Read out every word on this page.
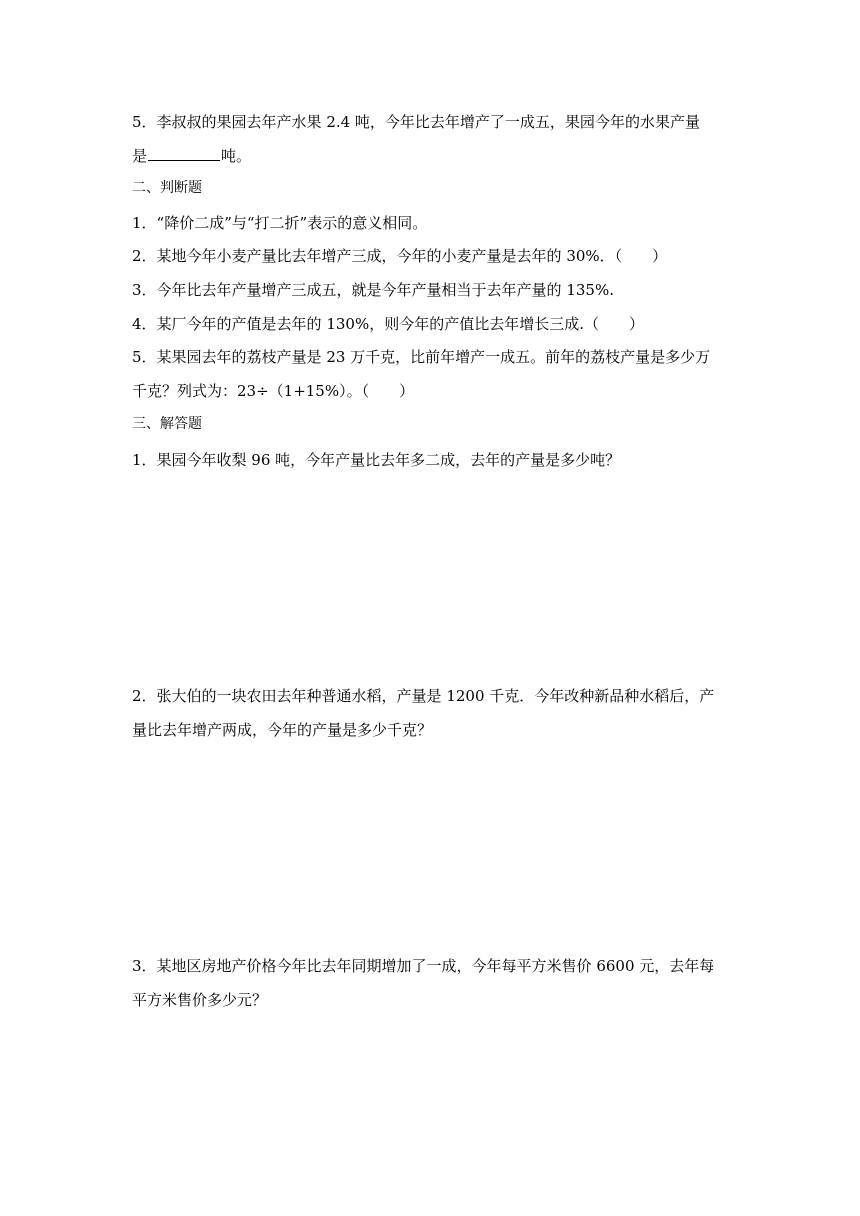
5．李叔叔的果园去年产水果 2.4 吨，今年比去年增产了一成五，果园今年的水果产量
是	吨。
二、判断题
1．“降价二成”与“打二折”表示的意义相同。
2．某地今年小麦产量比去年增产三成，今年的小麦产量是去年的 30%．（　　）
3．今年比去年产量增产三成五，就是今年产量相当于去年产量的 135%.
4．某厂今年的产值是去年的 130%，则今年的产值比去年增长三成.（　　）
5．某果园去年的荔枝产量是 23 万千克，比前年增产一成五。前年的荔枝产量是多少万
千克？列式为：23÷（1+15%）。（　　）
三、解答题
1．果园今年收梨 96 吨，今年产量比去年多二成，去年的产量是多少吨？
2．张大伯的一块农田去年种普通水稻，产量是 1200 千克．今年改种新品种水稻后，产
量比去年增产两成，今年的产量是多少千克？
3．某地区房地产价格今年比去年同期增加了一成，今年每平方米售价 6600 元，去年每
平方米售价多少元？
